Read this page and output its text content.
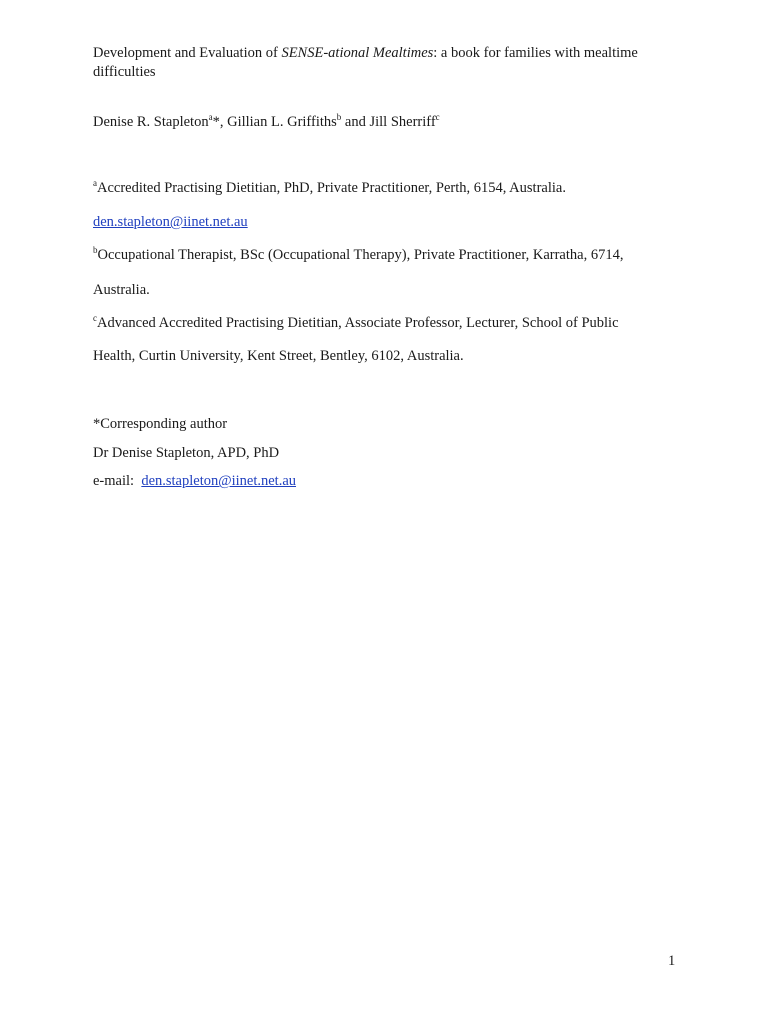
Development and Evaluation of SENSE-ational Mealtimes: a book for families with mealtime difficulties
Denise R. Stapleton$^a$*, Gillian L. Griffiths$^b$ and Jill Sherriff$^c$
$^a$Accredited Practising Dietitian, PhD, Private Practitioner, Perth, 6154, Australia.
den.stapleton@iinet.net.au
$^b$Occupational Therapist, BSc (Occupational Therapy), Private Practitioner, Karratha, 6714,
Australia.
$^c$Advanced Accredited Practising Dietitian, Associate Professor, Lecturer, School of Public
Health, Curtin University, Kent Street, Bentley, 6102, Australia.
*Corresponding author
Dr Denise Stapleton, APD, PhD
e-mail:  den.stapleton@iinet.net.au
1
